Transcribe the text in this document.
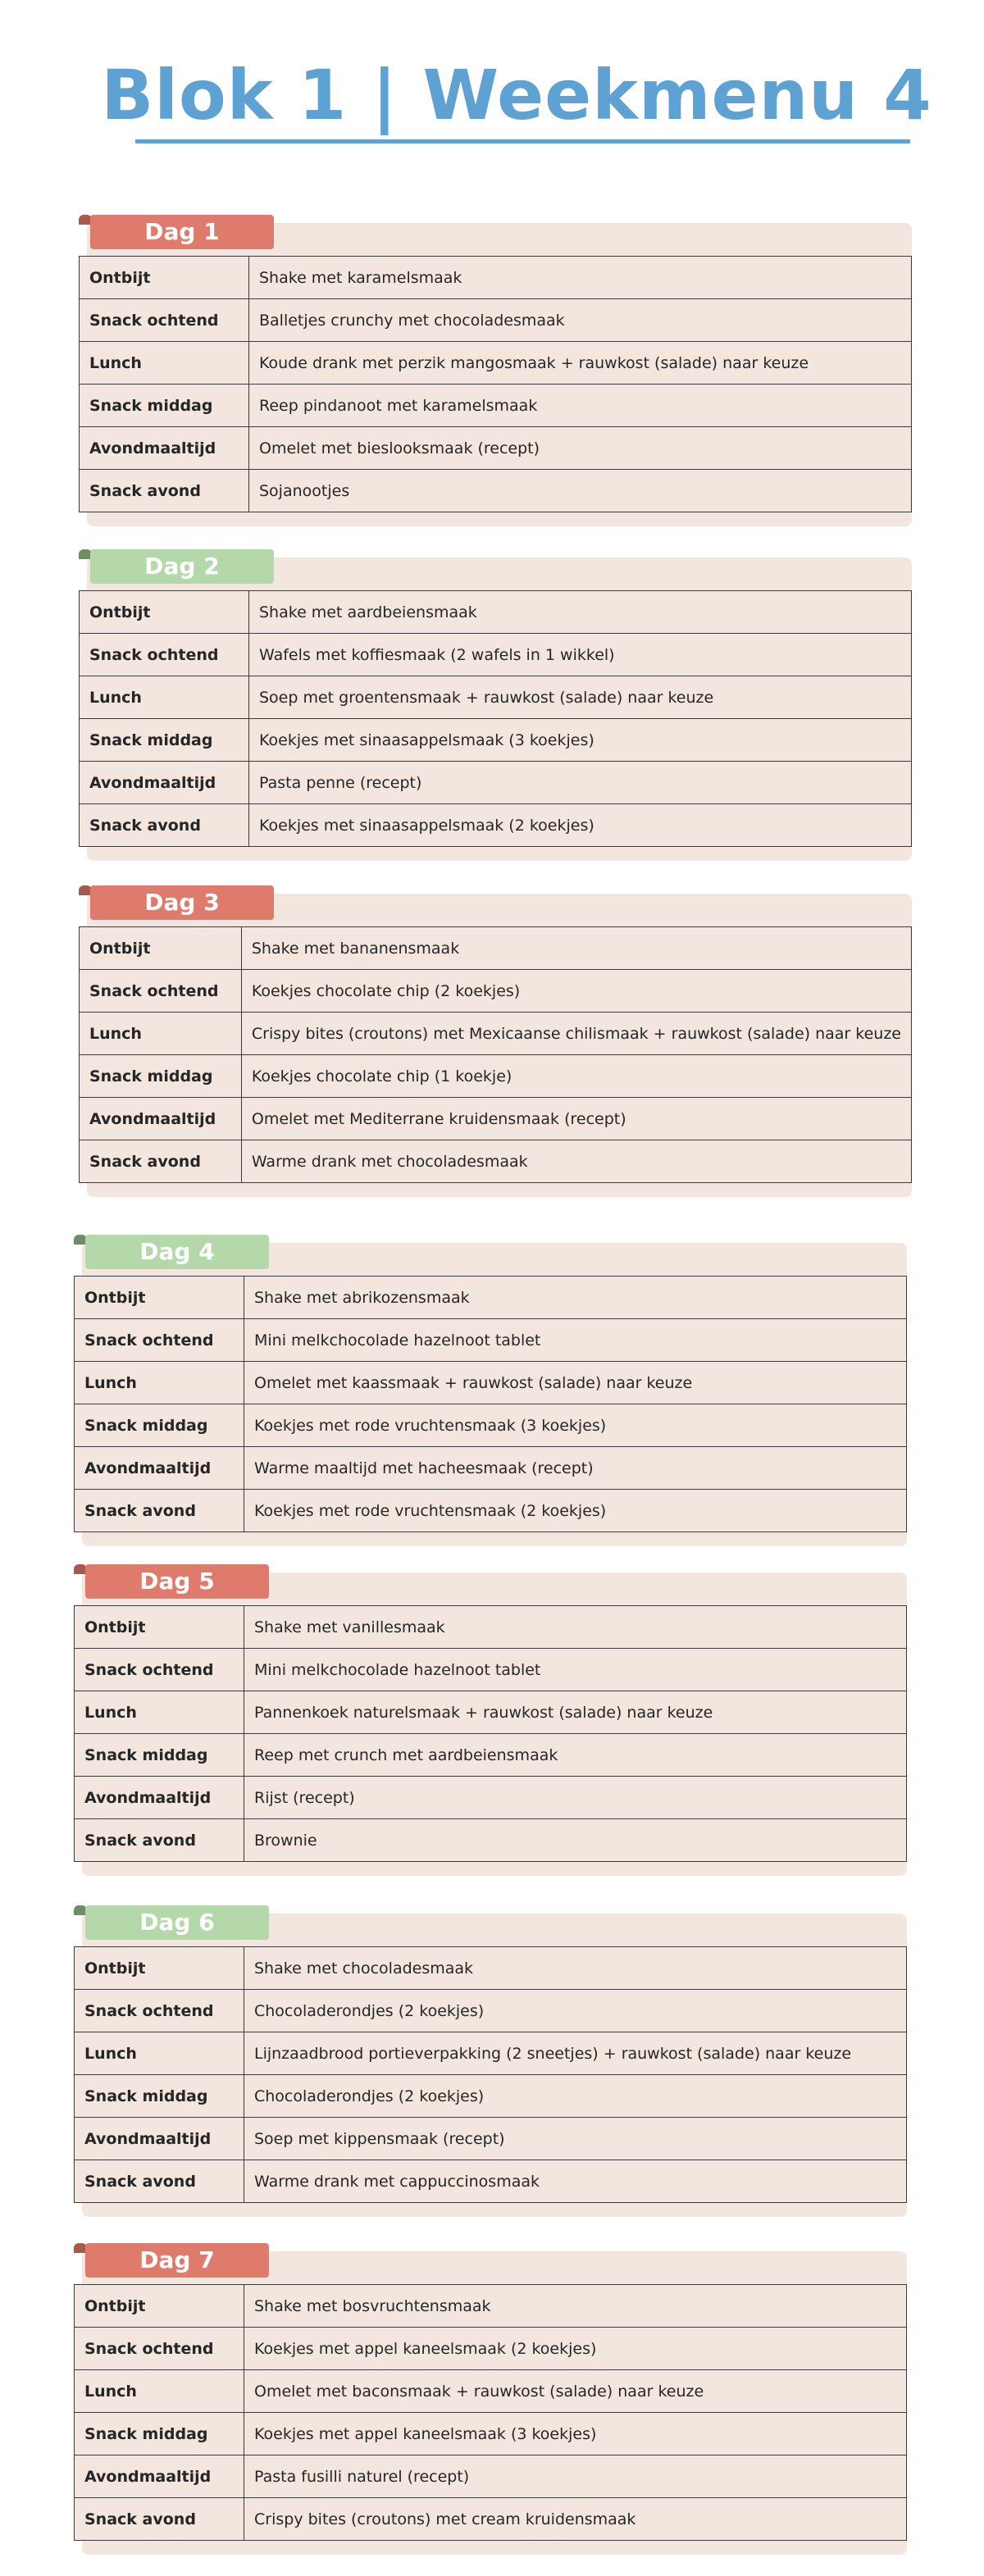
Blok 1 | Weekmenu 4
Dag 1
Ontbijt	Shake met karamelsmaak
Snack ochtend	Balletjes crunchy met chocoladesmaak
Lunch	Koude drank met perzik mangosmaak + rauwkost (salade) naar keuze
Snack middag	Reep pindanoot met karamelsmaak
Avondmaaltijd	Omelet met bieslooksmaak (recept)
Snack avond	Sojanootjes
Dag 2
Ontbijt	Shake met aardbeiensmaak
Snack ochtend	Wafels met koffiesmaak (2 wafels in 1 wikkel)
Lunch	Soep met groentensmaak + rauwkost (salade) naar keuze
Snack middag	Koekjes met sinaasappelsmaak (3 koekjes)
Avondmaaltijd	Pasta penne (recept)
Snack avond	Koekjes met sinaasappelsmaak (2 koekjes)
Dag 3
Ontbijt	Shake met bananensmaak
Snack ochtend	Koekjes chocolate chip (2 koekjes)
Lunch	Crispy bites (croutons) met Mexicaanse chilismaak + rauwkost (salade) naar keuze
Snack middag	Koekjes chocolate chip (1 koekje)
Avondmaaltijd	Omelet met Mediterrane kruidensmaak (recept)
Snack avond	Warme drank met chocoladesmaak
Dag 4
Ontbijt	Shake met abrikozensmaak
Snack ochtend	Mini melkchocolade hazelnoot tablet
Lunch	Omelet met kaassmaak + rauwkost (salade) naar keuze
Snack middag	Koekjes met rode vruchtensmaak (3 koekjes)
Avondmaaltijd	Warme maaltijd met hacheesmaak (recept)
Snack avond	Koekjes met rode vruchtensmaak (2 koekjes)
Dag 5
Ontbijt	Shake met vanillesmaak
Snack ochtend	Mini melkchocolade hazelnoot tablet
Lunch	Pannenkoek naturelsmaak + rauwkost (salade) naar keuze
Snack middag	Reep met crunch met aardbeiensmaak
Avondmaaltijd	Rijst (recept)
Snack avond	Brownie
Dag 6
Ontbijt	Shake met chocoladesmaak
Snack ochtend	Chocoladerondjes (2 koekjes)
Lunch	Lijnzaadbrood portieverpakking (2 sneetjes) + rauwkost (salade) naar keuze
Snack middag	Chocoladerondjes (2 koekjes)
Avondmaaltijd	Soep met kippensmaak (recept)
Snack avond	Warme drank met cappuccinosmaak
Dag 7
Ontbijt	Shake met bosvruchtensmaak
Snack ochtend	Koekjes met appel kaneelsmaak (2 koekjes)
Lunch	Omelet met baconsmaak + rauwkost (salade) naar keuze
Snack middag	Koekjes met appel kaneelsmaak (3 koekjes)
Avondmaaltijd	Pasta fusilli naturel (recept)
Snack avond	Crispy bites (croutons) met cream kruidensmaak
